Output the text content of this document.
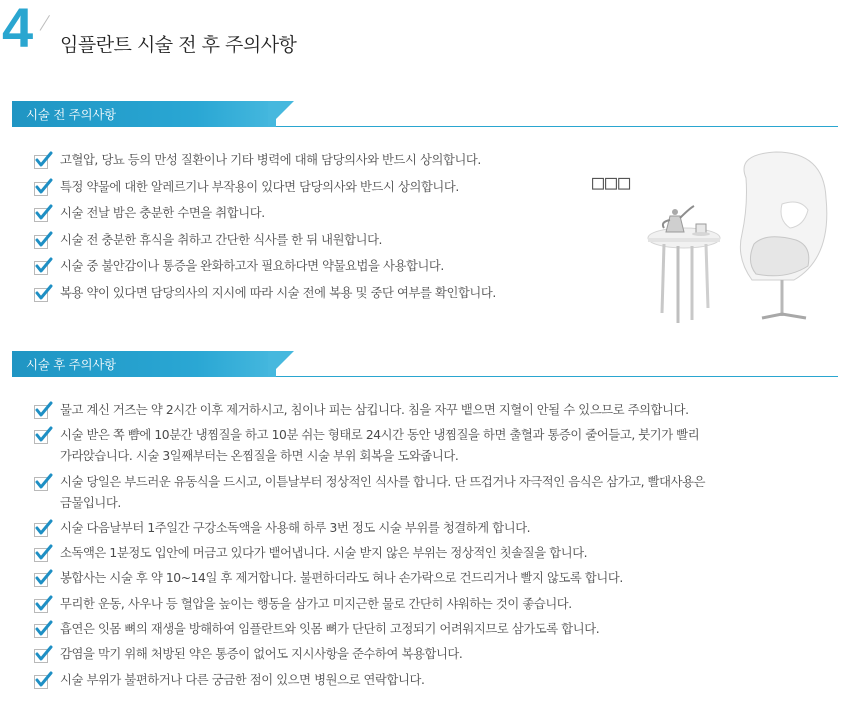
4 임플란트 시술 전 후 주의사항
시술 전 주의사항
고혈압, 당뇨 등의 만성 질환이나 기타 병력에 대해 담당의사와 반드시 상의합니다.
특정 약물에 대한 알레르기나 부작용이 있다면 담당의사와 반드시 상의합니다.
시술 전날 밤은 충분한 수면을 취합니다.
시술 전 충분한 휴식을 취하고 간단한 식사를 한 뒤 내원합니다.
시술 중 불안감이나 통증을 완화하고자 필요하다면 약물요법을 사용합니다.
복용 약이 있다면 담당의사의 지시에 따라 시술 전에 복용 및 중단 여부를 확인합니다.
□□□
시술 후 주의사항
물고 계신 거즈는 약 2시간 이후 제거하시고, 침이나 피는 삼킵니다. 침을 자꾸 뱉으면 지혈이 안될 수 있으므로 주의합니다.
시술 받은 쪽 뺨에 10분간 냉찜질을 하고 10분 쉬는 형태로 24시간 동안 냉찜질을 하면 출혈과 통증이 줄어들고, 붓기가 빨리
가라앉습니다. 시술 3일째부터는 온찜질을 하면 시술 부위 회복을 도와줍니다.
시술 당일은 부드러운 유동식을 드시고, 이튿날부터 정상적인 식사를 합니다. 단 뜨겁거나 자극적인 음식은 삼가고, 빨대사용은
금물입니다.
시술 다음날부터 1주일간 구강소독액을 사용해 하루 3번 정도 시술 부위를 청결하게 합니다.
소독액은 1분정도 입안에 머금고 있다가 뱉어냅니다. 시술 받지 않은 부위는 정상적인 칫솔질을 합니다.
봉합사는 시술 후 약 10~14일 후 제거합니다. 불편하더라도 혀나 손가락으로 건드리거나 빨지 않도록 합니다.
무리한 운동, 사우나 등 혈압을 높이는 행동을 삼가고 미지근한 물로 간단히 샤워하는 것이 좋습니다.
흡연은 잇몸 뼈의 재생을 방해하여 임플란트와 잇몸 뼈가 단단히 고정되기 어려워지므로 삼가도록 합니다.
감염을 막기 위해 처방된 약은 통증이 없어도 지시사항을 준수하여 복용합니다.
시술 부위가 불편하거나 다른 궁금한 점이 있으면 병원으로 연락합니다.
